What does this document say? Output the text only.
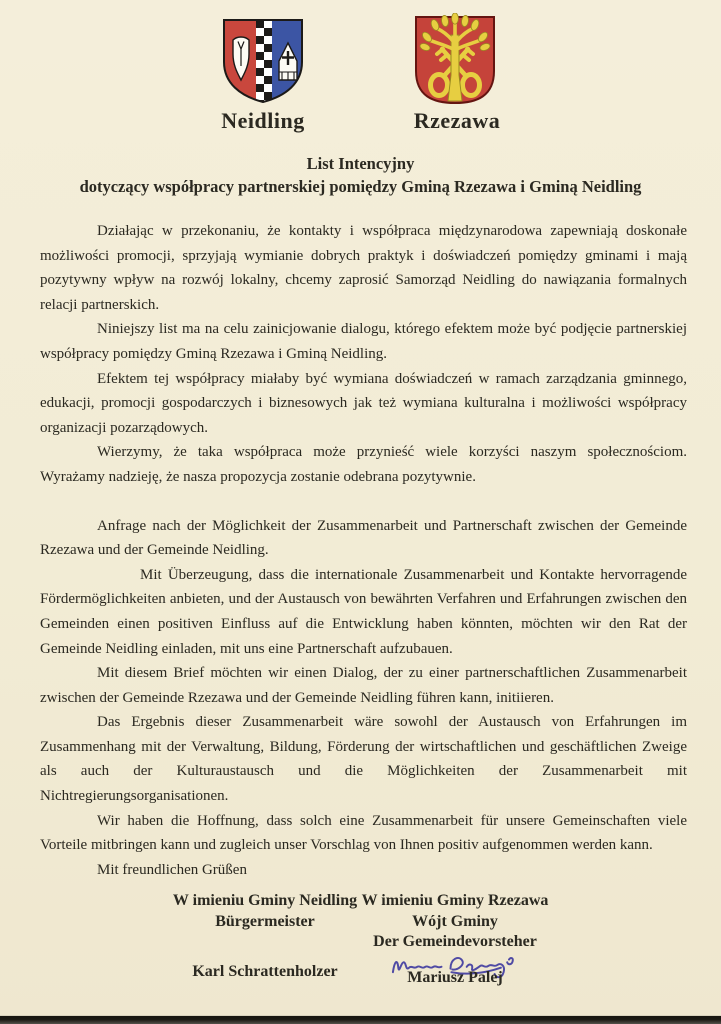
Neidling	Rzezawa
List Intencyjny
dotyczący współpracy partnerskiej pomiędzy Gminą Rzezawa i Gminą Neidling

Działając w przekonaniu, że kontakty i współpraca międzynarodowa zapewniają doskonałe możliwości promocji, sprzyjają wymianie dobrych praktyk i doświadczeń pomiędzy gminami i mają pozytywny wpływ na rozwój lokalny, chcemy zaprosić Samorząd Neidling do nawiązania formalnych relacji partnerskich.

Niniejszy list ma na celu zainicjowanie dialogu, którego efektem może być podjęcie partnerskiej współpracy pomiędzy Gminą Rzezawa i Gminą Neidling.

Efektem tej współpracy miałaby być wymiana doświadczeń w ramach zarządzania gminnego, edukacji, promocji gospodarczych i biznesowych jak też wymiana kulturalna i możliwości współpracy organizacji pozarządowych.

Wierzymy, że taka współpraca może przynieść wiele korzyści naszym społecznościom. Wyrażamy nadzieję, że nasza propozycja zostanie odebrana pozytywnie.

Anfrage nach der Möglichkeit der Zusammenarbeit und Partnerschaft zwischen der Gemeinde Rzezawa und der Gemeinde Neidling.

Mit Überzeugung, dass die internationale Zusammenarbeit und Kontakte hervorragende Fördermöglichkeiten anbieten, und der Austausch von bewährten Verfahren und Erfahrungen zwischen den Gemeinden einen positiven Einfluss auf die Entwicklung haben könnten, möchten wir den Rat der Gemeinde Neidling einladen, mit uns eine Partnerschaft aufzubauen.

Mit diesem Brief möchten wir einen Dialog, der zu einer partnerschaftlichen Zusammenarbeit zwischen der Gemeinde Rzezawa und der Gemeinde Neidling führen kann, initiieren.

Das Ergebnis dieser Zusammenarbeit wäre sowohl der Austausch von Erfahrungen im Zusammenhang mit der Verwaltung, Bildung, Förderung der wirtschaftlichen und geschäftlichen Zweige als auch der Kulturaustausch und die Möglichkeiten der Zusammenarbeit mit Nichtregierungsorganisationen.

Wir haben die Hoffnung, dass solch eine Zusammenarbeit für unsere Gemeinschaften viele Vorteile mitbringen kann und zugleich unser Vorschlag von Ihnen positiv aufgenommen werden kann.

Mit freundlichen Grüßen

W imieniu Gminy Neidling
Bürgermeister
Karl Schrattenholzer
W imieniu Gminy Rzezawa
Wójt Gminy
Der Gemeindevorsteher
Mariusz Palej
